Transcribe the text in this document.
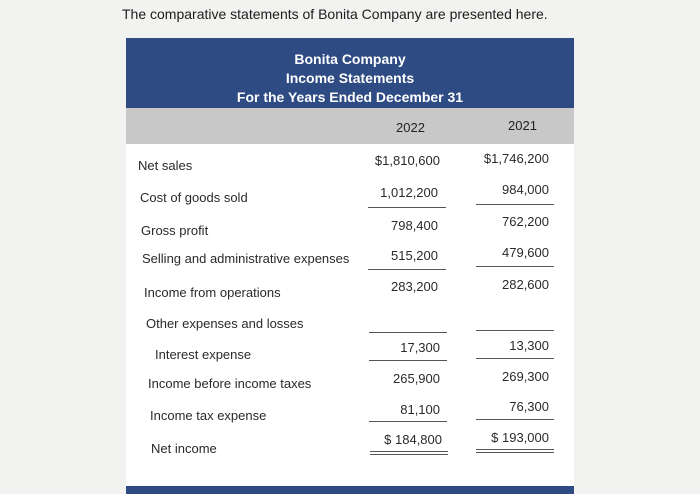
The comparative statements of Bonita Company are presented here.
Bonita Company
Income Statements
For the Years Ended December 31
2022	2021
Net sales
Cost of goods sold
Gross profit
Selling and administrative expenses
Income from operations
Other expenses and losses
Interest expense
Income before income taxes
Income tax expense
Net income
$1,810,600
1,012,200
798,400
515,200
283,200
17,300
265,900
81,100
$ 184,800
$1,746,200
984,000
762,200
479,600
282,600
13,300
269,300
76,300
$ 193,000
